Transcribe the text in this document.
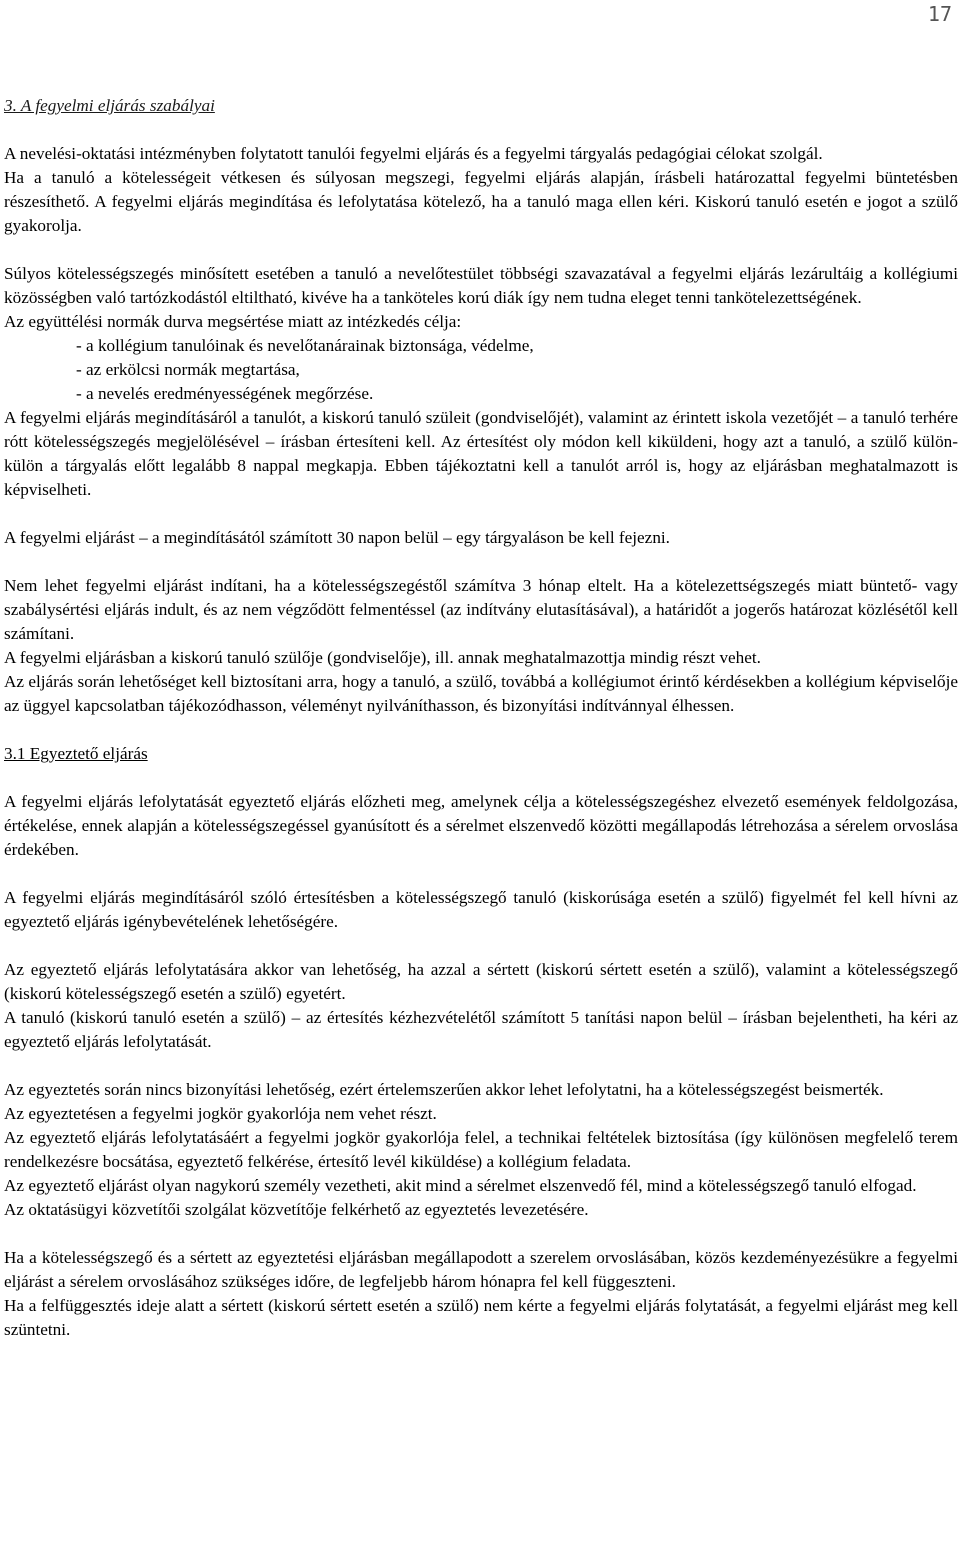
17
3. A fegyelmi eljárás szabályai

A nevelési-oktatási intézményben folytatott tanulói fegyelmi eljárás és a fegyelmi tárgyalás pedagógiai célokat szolgál.

Ha a tanuló a kötelességeit vétkesen és súlyosan megszegi, fegyelmi eljárás alapján, írásbeli határozattal fegyelmi büntetésben részesíthető. A fegyelmi eljárás megindítása és lefolytatása kötelező, ha a tanuló maga ellen kéri. Kiskorú tanuló esetén e jogot a szülő gyakorolja.

Súlyos kötelességszegés minősített esetében a tanuló a nevelőtestület többségi szavazatával a fegyelmi eljárás lezárultáig a kollégiumi közösségben való tartózkodástól eltiltható, kivéve ha a tanköteles korú diák így nem tudna eleget tenni tankötelezettségének.

Az együttélési normák durva megsértése miatt az intézkedés célja:

- a kollégium tanulóinak és nevelőtanárainak biztonsága, védelme,
- az erkölcsi normák megtartása,
- a nevelés eredményességének megőrzése.

A fegyelmi eljárás megindításáról a tanulót, a kiskorú tanuló szüleit (gondviselőjét), valamint az érintett iskola vezetőjét – a tanuló terhére rótt kötelességszegés megjelölésével – írásban értesíteni kell. Az értesítést oly módon kell kiküldeni, hogy azt a tanuló, a szülő külön-külön a tárgyalás előtt legalább 8 nappal megkapja. Ebben tájékoztatni kell a tanulót arról is, hogy az eljárásban meghatalmazott is képviselheti.

A fegyelmi eljárást – a megindításától számított 30 napon belül – egy tárgyaláson be kell fejezni.

Nem lehet fegyelmi eljárást indítani, ha a kötelességszegéstől számítva 3 hónap eltelt. Ha a kötelezettségszegés miatt büntető- vagy szabálysértési eljárás indult, és az nem végződött felmentéssel (az indítvány elutasításával), a határidőt a jogerős határozat közlésétől kell számítani.

A fegyelmi eljárásban a kiskorú tanuló szülője (gondviselője), ill. annak meghatalmazottja mindig részt vehet.

Az eljárás során lehetőséget kell biztosítani arra, hogy a tanuló, a szülő, továbbá a kollégiumot érintő kérdésekben a kollégium képviselője az üggyel kapcsolatban tájékozódhasson, véleményt nyilváníthasson, és bizonyítási indítvánnyal élhessen.

3.1 Egyeztető eljárás

A fegyelmi eljárás lefolytatását egyeztető eljárás előzheti meg, amelynek célja a kötelességszegéshez elvezető események feldolgozása, értékelése, ennek alapján a kötelességszegéssel gyanúsított és a sérelmet elszenvedő közötti megállapodás létrehozása a sérelem orvoslása érdekében.

A fegyelmi eljárás megindításáról szóló értesítésben a kötelességszegő tanuló (kiskorúsága esetén a szülő) figyelmét fel kell hívni az egyeztető eljárás igénybevételének lehetőségére.

Az egyeztető eljárás lefolytatására akkor van lehetőség, ha azzal a sértett (kiskorú sértett esetén a szülő), valamint a kötelességszegő (kiskorú kötelességszegő esetén a szülő) egyetért.

A tanuló (kiskorú tanuló esetén a szülő) – az értesítés kézhezvételétől számított 5 tanítási napon belül – írásban bejelentheti, ha kéri az egyeztető eljárás lefolytatását.

Az egyeztetés során nincs bizonyítási lehetőség, ezért értelemszerűen akkor lehet lefolytatni, ha a kötelességszegést beismerték.

Az egyeztetésen a fegyelmi jogkör gyakorlója nem vehet részt.

Az egyeztető eljárás lefolytatásáért a fegyelmi jogkör gyakorlója felel, a technikai feltételek biztosítása (így különösen megfelelő terem rendelkezésre bocsátása, egyeztető felkérése, értesítő levél kiküldése) a kollégium feladata.

Az egyeztető eljárást olyan nagykorú személy vezetheti, akit mind a sérelmet elszenvedő fél, mind a kötelességszegő tanuló elfogad.

Az oktatásügyi közvetítői szolgálat közvetítője felkérhető az egyeztetés levezetésére.

Ha a kötelességszegő és a sértett az egyeztetési eljárásban megállapodott a szerelem orvoslásában, közös kezdeményezésükre a fegyelmi eljárást a sérelem orvoslásához szükséges időre, de legfeljebb három hónapra fel kell függeszteni.

Ha a felfüggesztés ideje alatt a sértett (kiskorú sértett esetén a szülő) nem kérte a fegyelmi eljárás folytatását, a fegyelmi eljárást meg kell szüntetni.
